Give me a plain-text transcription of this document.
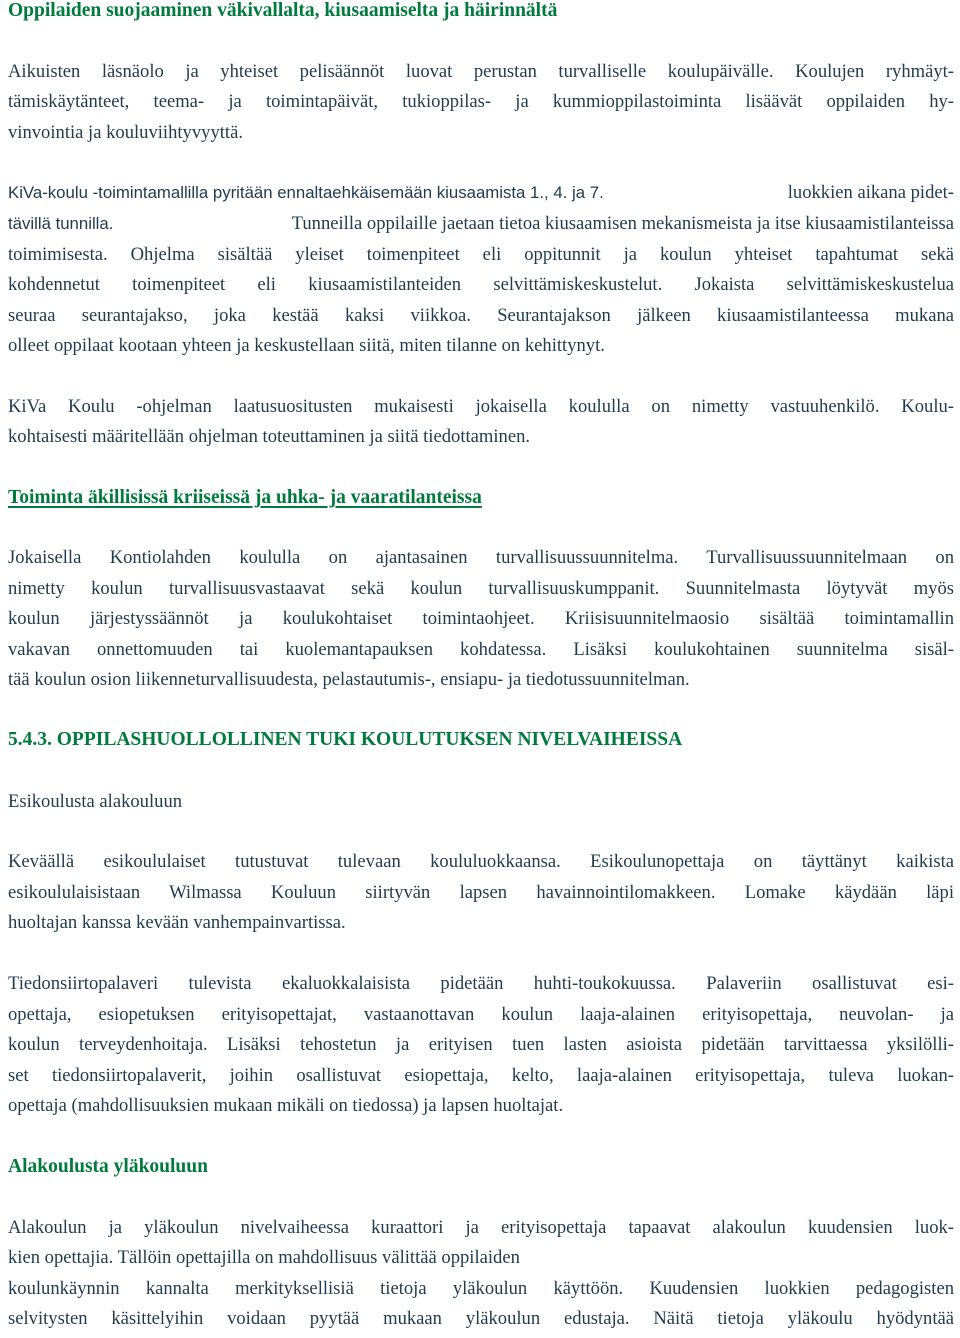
Oppilaiden suojaaminen väkivallalta, kiusaamiselta ja häirinnältä
Aikuisten läsnäolo ja yhteiset pelisäännöt luovat perustan turvalliselle koulupäivälle. Koulujen ryhmäyt-
tämiskäytänteet, teema- ja toimintapäivät, tukioppilas- ja kummioppilastoiminta lisäävät oppilaiden hy-
vinvointia ja kouluviihtyvyyttä.
KiVa-koulu -toimintamallilla pyritään ennaltaehkäisemään kiusaamista 1., 4. ja 7.	luokkien aikana pidet-
tävillä tunnilla.	Tunneilla oppilaille jaetaan tietoa kiusaamisen mekanismeista ja itse kiusaamistilanteissa
toimimisesta. Ohjelma sisältää yleiset toimenpiteet eli oppitunnit ja koulun yhteiset tapahtumat sekä
kohdennetut toimenpiteet eli kiusaamistilanteiden selvittämiskeskustelut. Jokaista selvittämiskeskustelua
seuraa seurantajakso, joka kestää kaksi viikkoa. Seurantajakson jälkeen kiusaamistilanteessa mukana
olleet oppilaat kootaan yhteen ja keskustellaan siitä, miten tilanne on kehittynyt.
KiVa Koulu -ohjelman laatusuositusten mukaisesti jokaisella koululla on nimetty vastuuhenkilö. Koulu-
kohtaisesti määritellään ohjelman toteuttaminen ja siitä tiedottaminen.
Toiminta äkillisissä kriiseissä ja uhka- ja vaaratilanteissa
Jokaisella Kontiolahden koululla on ajantasainen turvallisuussuunnitelma. Turvallisuussuunnitelmaan on
nimetty koulun turvallisuusvastaavat sekä koulun turvallisuuskumppanit. Suunnitelmasta löytyvät myös
koulun järjestyssäännöt ja koulukohtaiset toimintaohjeet. Kriisisuunnitelmaosio sisältää toimintamallin
vakavan onnettomuuden tai kuolemantapauksen kohdatessa. Lisäksi koulukohtainen suunnitelma sisäl-
tää koulun osion liikenneturvallisuudesta, pelastautumis-, ensiapu- ja tiedotussuunnitelman.
5.4.3. OPPILASHUOLLOLLINEN TUKI KOULUTUKSEN NIVELVAIHEISSA
Esikoulusta alakouluun
Keväällä esikoululaiset tutustuvat tulevaan koululuokkaansa. Esikoulunopettaja on täyttänyt kaikista
esikoululaisistaan Wilmassa Kouluun siirtyvän lapsen havainnointilomakkeen. Lomake käydään läpi
huoltajan kanssa kevään vanhempainvartissa.
Tiedonsiirtopalaveri tulevista ekaluokkalaisista pidetään huhti-toukokuussa. Palaveriin osallistuvat esi-
opettaja, esiopetuksen erityisopettajat, vastaanottavan koulun laaja-alainen erityisopettaja, neuvolan- ja
koulun terveydenhoitaja. Lisäksi tehostetun ja erityisen tuen lasten asioista pidetään tarvittaessa yksilölli-
set tiedonsiirtopalaverit, joihin osallistuvat esiopettaja, kelto, laaja-alainen erityisopettaja, tuleva luokan-
opettaja (mahdollisuuksien mukaan mikäli on tiedossa) ja lapsen huoltajat.
Alakoulusta yläkouluun
Alakoulun ja yläkoulun nivelvaiheessa kuraattori ja erityisopettaja tapaavat alakoulun kuudensien luok-
kien opettajia. Tällöin opettajilla on mahdollisuus välittää oppilaiden
koulunkäynnin kannalta merkityksellisiä tietoja yläkoulun käyttöön. Kuudensien luokkien pedagogisten
selvitysten käsittelyihin voidaan pyytää mukaan yläkoulun edustaja. Näitä tietoja yläkoulu hyödyntää
